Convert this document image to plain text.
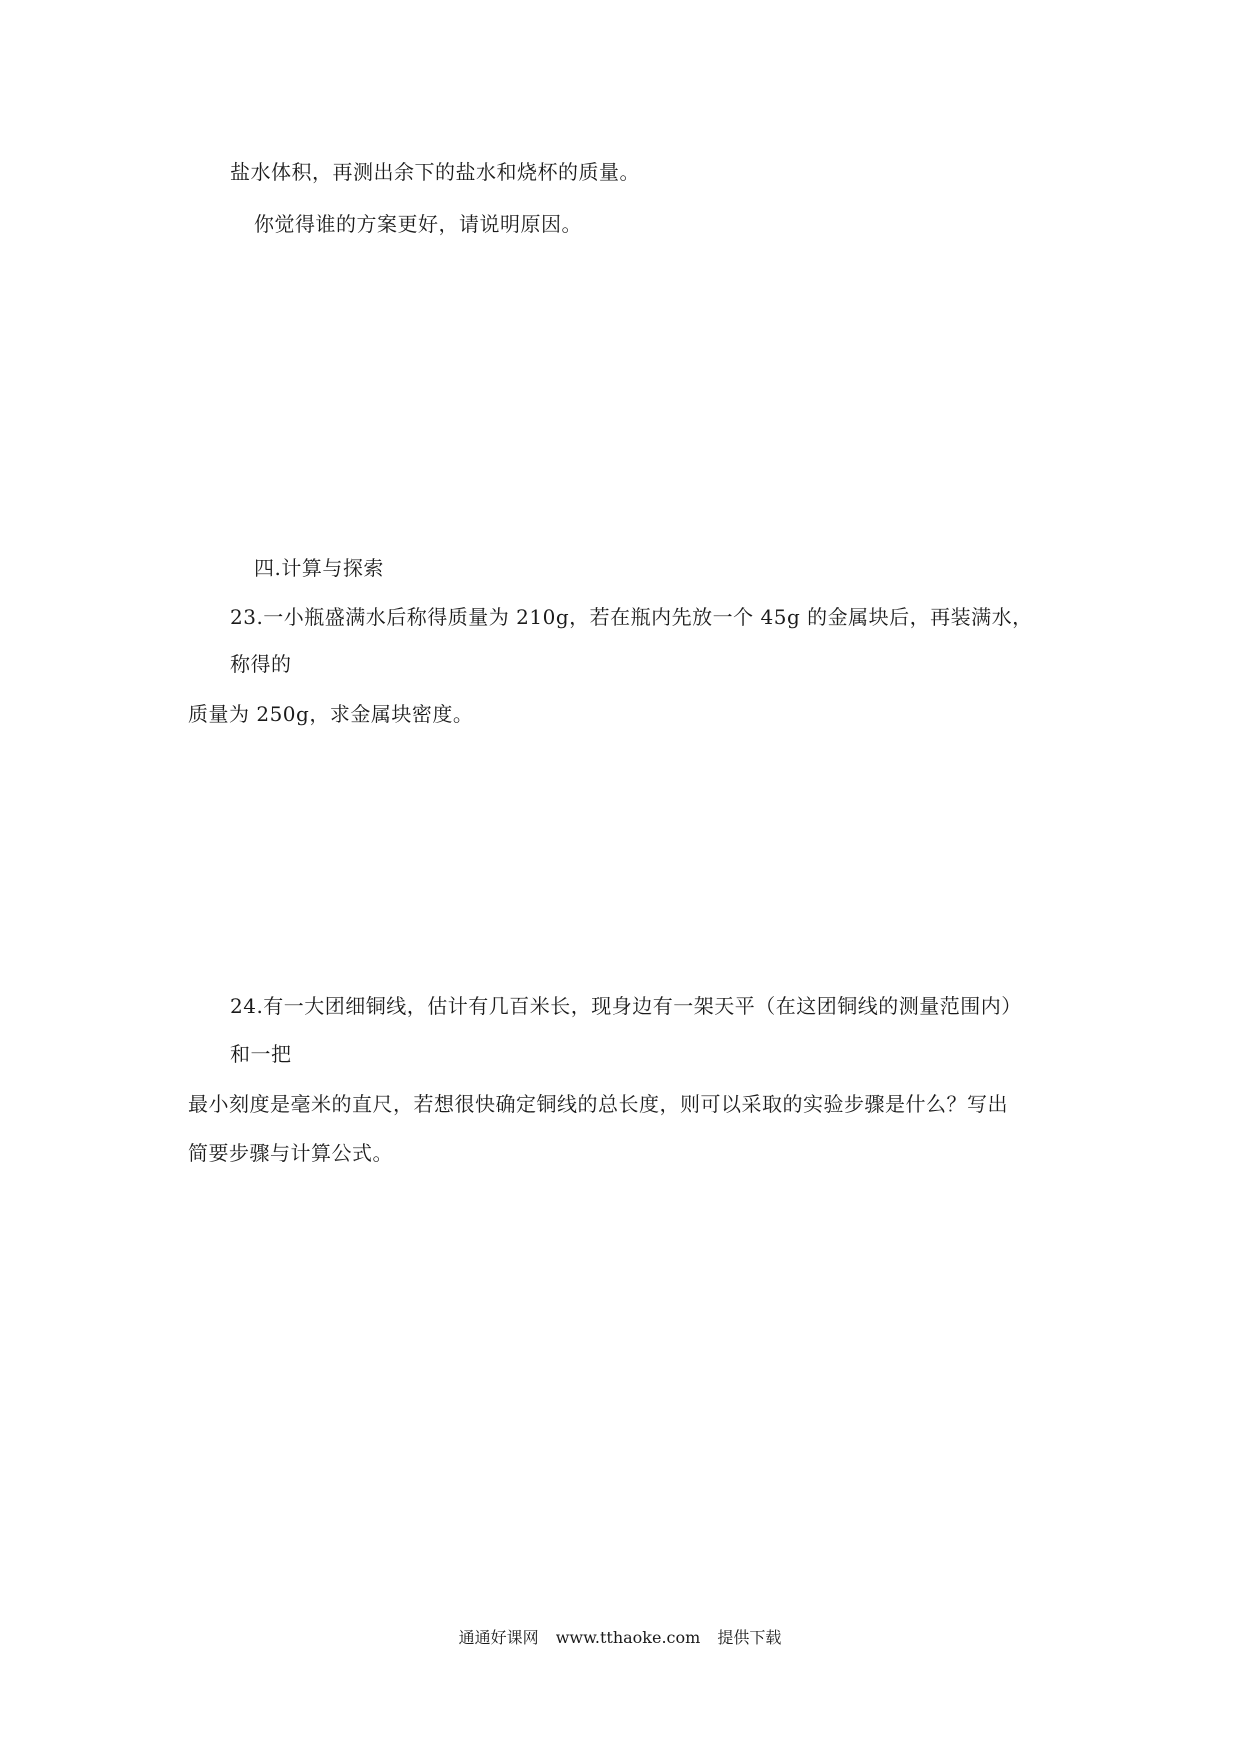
盐水体积，再测出余下的盐水和烧杯的质量。
你觉得谁的方案更好，请说明原因。
四.计算与探索
23.一小瓶盛满水后称得质量为 210g，若在瓶内先放一个 45g 的金属块后，再装满水，
称得的
质量为 250g，求金属块密度。
24.有一大团细铜线，估计有几百米长，现身边有一架天平（在这团铜线的测量范围内）
和一把
最小刻度是毫米的直尺，若想很快确定铜线的总长度，则可以采取的实验步骤是什么？写出
简要步骤与计算公式。
通通好课网 www.tthaoke.com 提供下载
